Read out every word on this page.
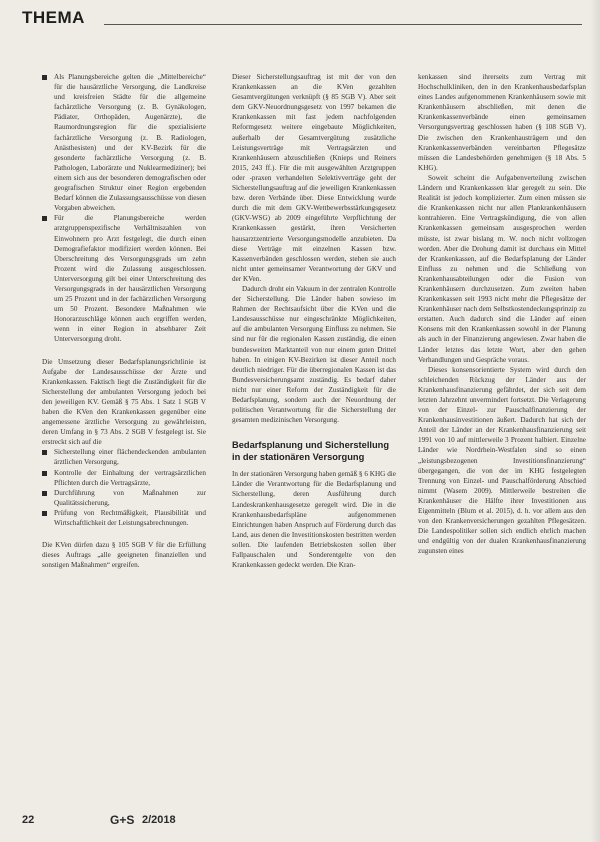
THEMA
Als Planungsbereiche gelten die „Mittelbereiche“ für die hausärztliche Versorgung, die Landkreise und kreisfreien Städte für die allgemeine fachärztliche Versorgung (z. B. Gynäkologen, Pädiater, Orthopäden, Augenärzte), die Raumordnungsregion für die spezialisierte fachärztliche Versorgung (z. B. Radiologen, Anästhesisten) und der KV-Bezirk für die gesonderte fachärztliche Versorgung (z. B. Pathologen, Laborärzte und Nuklearmediziner); bei einem sich aus der besonderen demografischen oder geografischen Struktur einer Region ergebenden Bedarf können die Zulassungsausschüsse von diesen Vorgaben abweichen.
Für die Planungsbereiche werden arztgruppenspezifische Verhältniszahlen von Einwohnern pro Arzt festgelegt, die durch einen Demografiefaktor modifiziert werden können. Bei Überschreitung des Versorgungsgrads um zehn Prozent wird die Zulassung ausgeschlossen. Unterversorgung gilt bei einer Unterschreitung des Versorgungsgrads in der hausärztlichen Versorgung um 25 Prozent und in der fachärztlichen Versorgung um 50 Prozent. Besondere Maßnahmen wie Honorarzuschläge können auch ergriffen werden, wenn in einer Region in absehbarer Zeit Unterversorgung droht.

Die Umsetzung dieser Bedarfsplanungsrichtlinie ist Aufgabe der Landesausschüsse der Ärzte und Krankenkassen. Faktisch liegt die Zuständigkeit für die Sicherstellung der ambulanten Versorgung jedoch bei den jeweiligen KV. Gemäß § 75 Abs. 1 Satz 1 SGB V haben die KVen den Krankenkassen gegenüber eine angemessene ärztliche Versorgung zu gewährleisten, deren Umfang in § 73 Abs. 2 SGB V festgelegt ist. Sie erstreckt sich auf die

Sicherstellung einer flächendeckenden ambulanten ärztlichen Versorgung,
Kontrolle der Einhaltung der vertragsärztlichen Pflichten durch die Vertragsärzte,
Durchführung von Maßnahmen zur Qualitätssicherung,
Prüfung von Rechtmäßigkeit, Plausibilität und Wirtschaftlichkeit der Leistungsabrechnungen.

Die KVen dürfen dazu § 105 SGB V für die Erfüllung dieses Auftrags „alle geeigneten finanziellen und sonstigen Maßnahmen“ ergreifen.

Dieser Sicherstellungsauftrag ist mit der von den Krankenkassen an die KVen gezahlten Gesamtvergütungen verknüpft (§ 85 SGB V). Aber seit dem GKV-Neuordnungsgesetz von 1997 bekamen die Krankenkassen mit fast jedem nachfolgenden Reformgesetz weitere eingebaute Möglichkeiten, außerhalb der Gesamtvergütung zusätzliche Leistungsverträge mit Vertragsärzten und Krankenhäusern abzuschließen (Knieps und Reiners 2015, 243 ff.). Für die mit ausgewählten Arztgruppen oder -praxen verhandelten Selektivverträge geht der Sicherstellungsauftrag auf die jeweiligen Krankenkassen bzw. deren Verbände über. Diese Entwicklung wurde durch die mit dem GKV-Wettbewerbsstärkungsgesetz (GKV-WSG) ab 2009 eingeführte Verpflichtung der Krankenkassen gestärkt, ihren Versicherten hausarztzentrierte Versorgungsmodelle anzubieten. Da diese Verträge mit einzelnen Kassen bzw. Kassenverbänden geschlossen werden, stehen sie auch nicht unter gemeinsamer Verantwortung der GKV und der KVen.

Dadurch droht ein Vakuum in der zentralen Kontrolle der Sicherstellung. Die Länder haben sowieso im Rahmen der Rechtsaufsicht über die KVen und die Landesausschüsse nur eingeschränkte Möglichkeiten, auf die ambulanten Versorgung Einfluss zu nehmen. Sie sind nur für die regionalen Kassen zuständig, die einen bundesweiten Marktanteil von nur einem guten Drittel haben. In einigen KV-Bezirken ist dieser Anteil noch deutlich niedriger. Für die überregionalen Kassen ist das Bundesversicherungsamt zuständig. Es bedarf daher nicht nur einer Reform der Zuständigkeit für die Bedarfsplanung, sondern auch der Neuordnung der politischen Verantwortung für die Sicherstellung der gesamten medizinischen Versorgung.

Bedarfsplanung und Sicherstellung in der stationären Versorgung

In der stationären Versorgung haben gemäß § 6 KHG die Länder die Verantwortung für die Bedarfsplanung und Sicherstellung, deren Ausführung durch Landeskrankenhausgesetze geregelt wird. Die in die Krankenhausbedarfspläne aufgenommenen Einrichtungen haben Anspruch auf Förderung durch das Land, aus denen die Investitionskosten bestritten werden sollen. Die laufenden Betriebskosten sollen über Fallpauschalen und Sonderentgelte von den Krankenkassen gedeckt werden. Die Kran-

kenkassen sind ihrerseits zum Vertrag mit Hochschulkliniken, den in den Krankenhausbedarfsplan eines Landes aufgenommenen Krankenhäusern sowie mit Krankenhäusern abschließen, mit denen die Krankenkassenverbände einen gemeinsamen Versorgungsvertrag geschlossen haben (§ 108 SGB V). Die zwischen den Krankenhausträgern und den Krankenkassenverbänden vereinbarten Pflegesätze müssen die Landesbehörden genehmigen (§ 18 Abs. 5 KHG).

Soweit scheint die Aufgabenverteilung zwischen Ländern und Krankenkassen klar geregelt zu sein. Die Realität ist jedoch komplizierter. Zum einen müssen sie die Krankenkassen nicht nur allen Plankrankenhäusern kontrahieren. Eine Vertragskündigung, die von allen Krankenkassen gemeinsam ausgesprochen werden müsste, ist zwar bislang m. W. noch nicht vollzogen worden. Aber die Drohung damit ist durchaus ein Mittel der Krankenkassen, auf die Bedarfsplanung der Länder Einfluss zu nehmen und die Schließung von Krankenhausabteilungen oder die Fusion von Krankenhäusern durchzusetzen. Zum zweiten haben Krankenkassen seit 1993 nicht mehr die Pflegesätze der Krankenhäuser nach dem Selbstkostendeckungsprinzip zu erstatten. Auch dadurch sind die Länder auf einen Konsens mit den Krankenkassen sowohl in der Planung als auch in der Finanzierung angewiesen. Zwar haben die Länder letztes das letzte Wort, aber den gehen Verhandlungen und Gespräche voraus.

Dieses konsensorientierte System wird durch den schleichenden Rückzug der Länder aus der Krankenhausfinanzierung gefährdet, der sich seit dem letzten Jahrzehnt unvermindert fortsetzt. Die Verlagerung von der Einzel- zur Pauschalfinanzierung der Krankenhausinvestitionen äußert. Dadurch hat sich der Anteil der Länder an der Krankenhausfinanzierung seit 1991 von 10 auf mittlerweile 3 Prozent halbiert. Einzelne Länder wie Nordrhein-Westfalen sind so einen „leistungsbezogenen Investitionsfinanzierung“ übergegangen, die von der im KHG festgelegten Trennung von Einzel- und Pauschalförderung Abschied nimmt (Wasem 2009). Mittlerweile bestreiten die Krankenhäuser die Hälfte ihrer Investitionen aus Eigenmitteln (Blum et al. 2015), d. h. vor allem aus den von den Krankenversicherungen gezahlten Pflegesätzen. Die Landespolitiker sollen sich endlich ehrlich machen und endgültig von der dualen Krankenhausfinanzierung zugunsten eines

22	G+S 2/2018
